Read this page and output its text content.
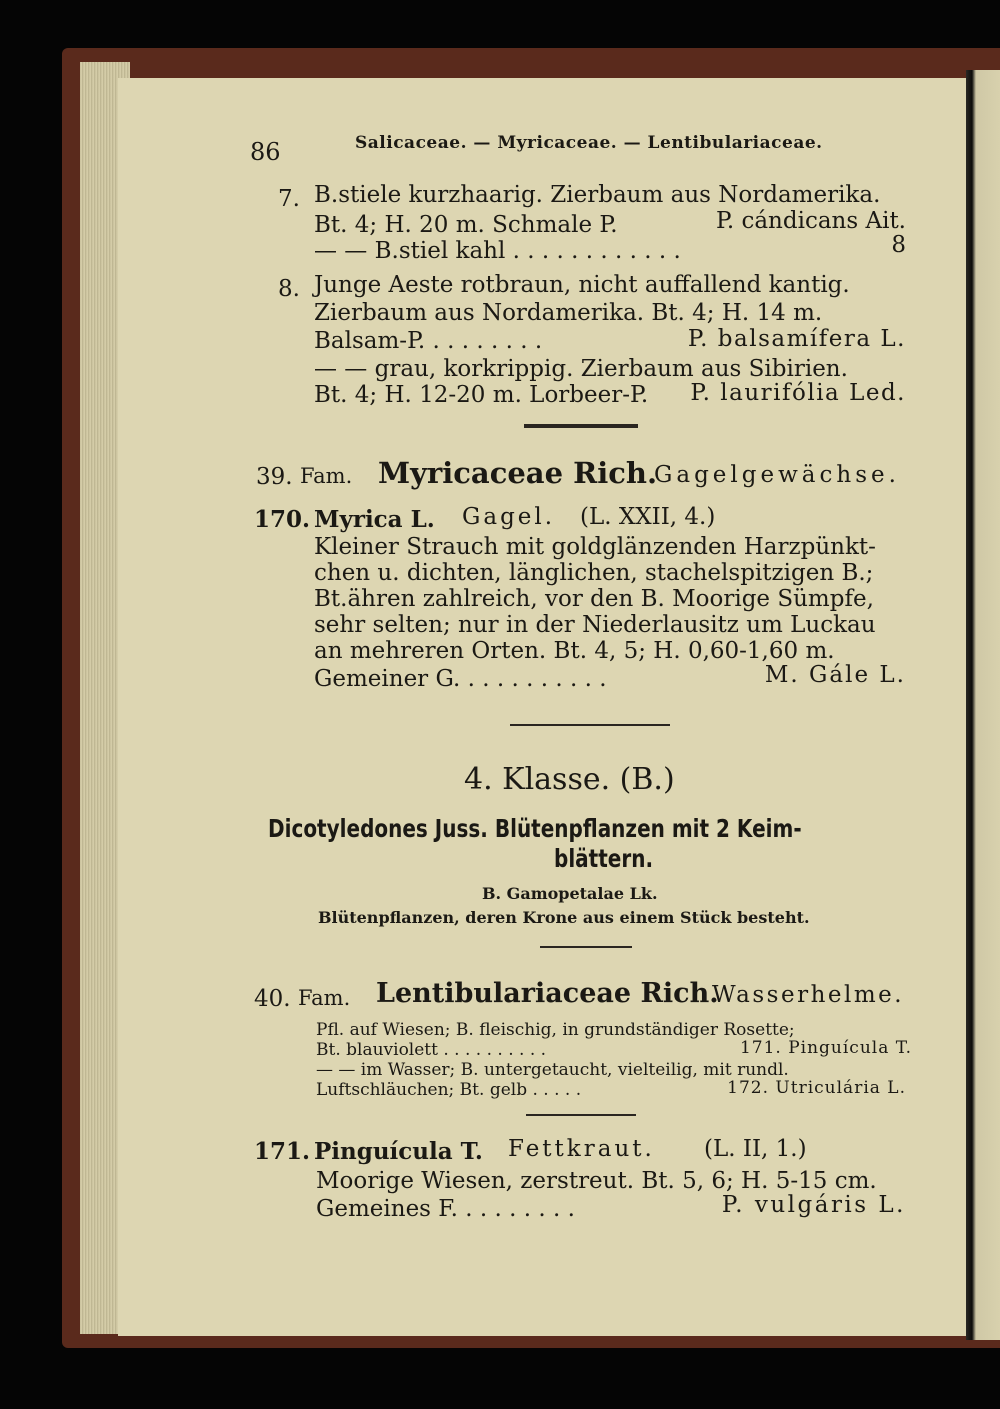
86	Salicaceae. — Myricaceae. — Lentibulariaceae.
7. B.stiele kurzhaarig. Zierbaum aus Nordamerika.
Bt. 4; H. 20 m. Schmale P.	P. cándicans Ait.
— — B.stiel kahl . . . . . . . . . . . .	8
8. Junge Aeste rotbraun, nicht auffallend kantig.
Zierbaum aus Nordamerika. Bt. 4; H. 14 m.
Balsam-P. . . . . . . . .	P. balsamífera L.
— — grau, korkrippig. Zierbaum aus Sibirien.
Bt. 4; H. 12-20 m. Lorbeer-P. P. laurifólia Led.
39. Fam. Myricaceae Rich.
Gagelgewächse.
170. Myrica L. Gagel. (L. XXII, 4.)
Kleiner Strauch mit goldglänzenden Harzpünkt-
chen u. dichten, länglichen, stachelspitzigen B.;
Bt.ähren zahlreich, vor den B. Moorige Sümpfe,
sehr selten; nur in der Niederlausitz um Luckau
an mehreren Orten. Bt. 4, 5; H. 0,60-1,60 m.
Gemeiner G. . . . . . . . . . .	M. Gále L.
4. Klasse. (B.)
Dicotyledones Juss. Blütenpflanzen mit 2 Keim-
blättern.
B. Gamopetalae Lk.
Blütenpflanzen, deren Krone aus einem Stück besteht.
40. Fam. Lentibulariaceae Rich.
Wasserhelme.
Pfl. auf Wiesen; B. fleischig, in grundständiger Rosette;
Bt. blauviolett . . . . . . . . . .	171. Pinguícula T.
— — im Wasser; B. untergetaucht, vielteilig, mit rundl.
Luftschläuchen; Bt. gelb . . . . .	172. Utriculária L.
171. Pinguícula T. Fettkraut. (L. II, 1.)
Moorige Wiesen, zerstreut. Bt. 5, 6; H. 5-15 cm.
Gemeines F. . . . . . . . .	P. vulgáris L.
